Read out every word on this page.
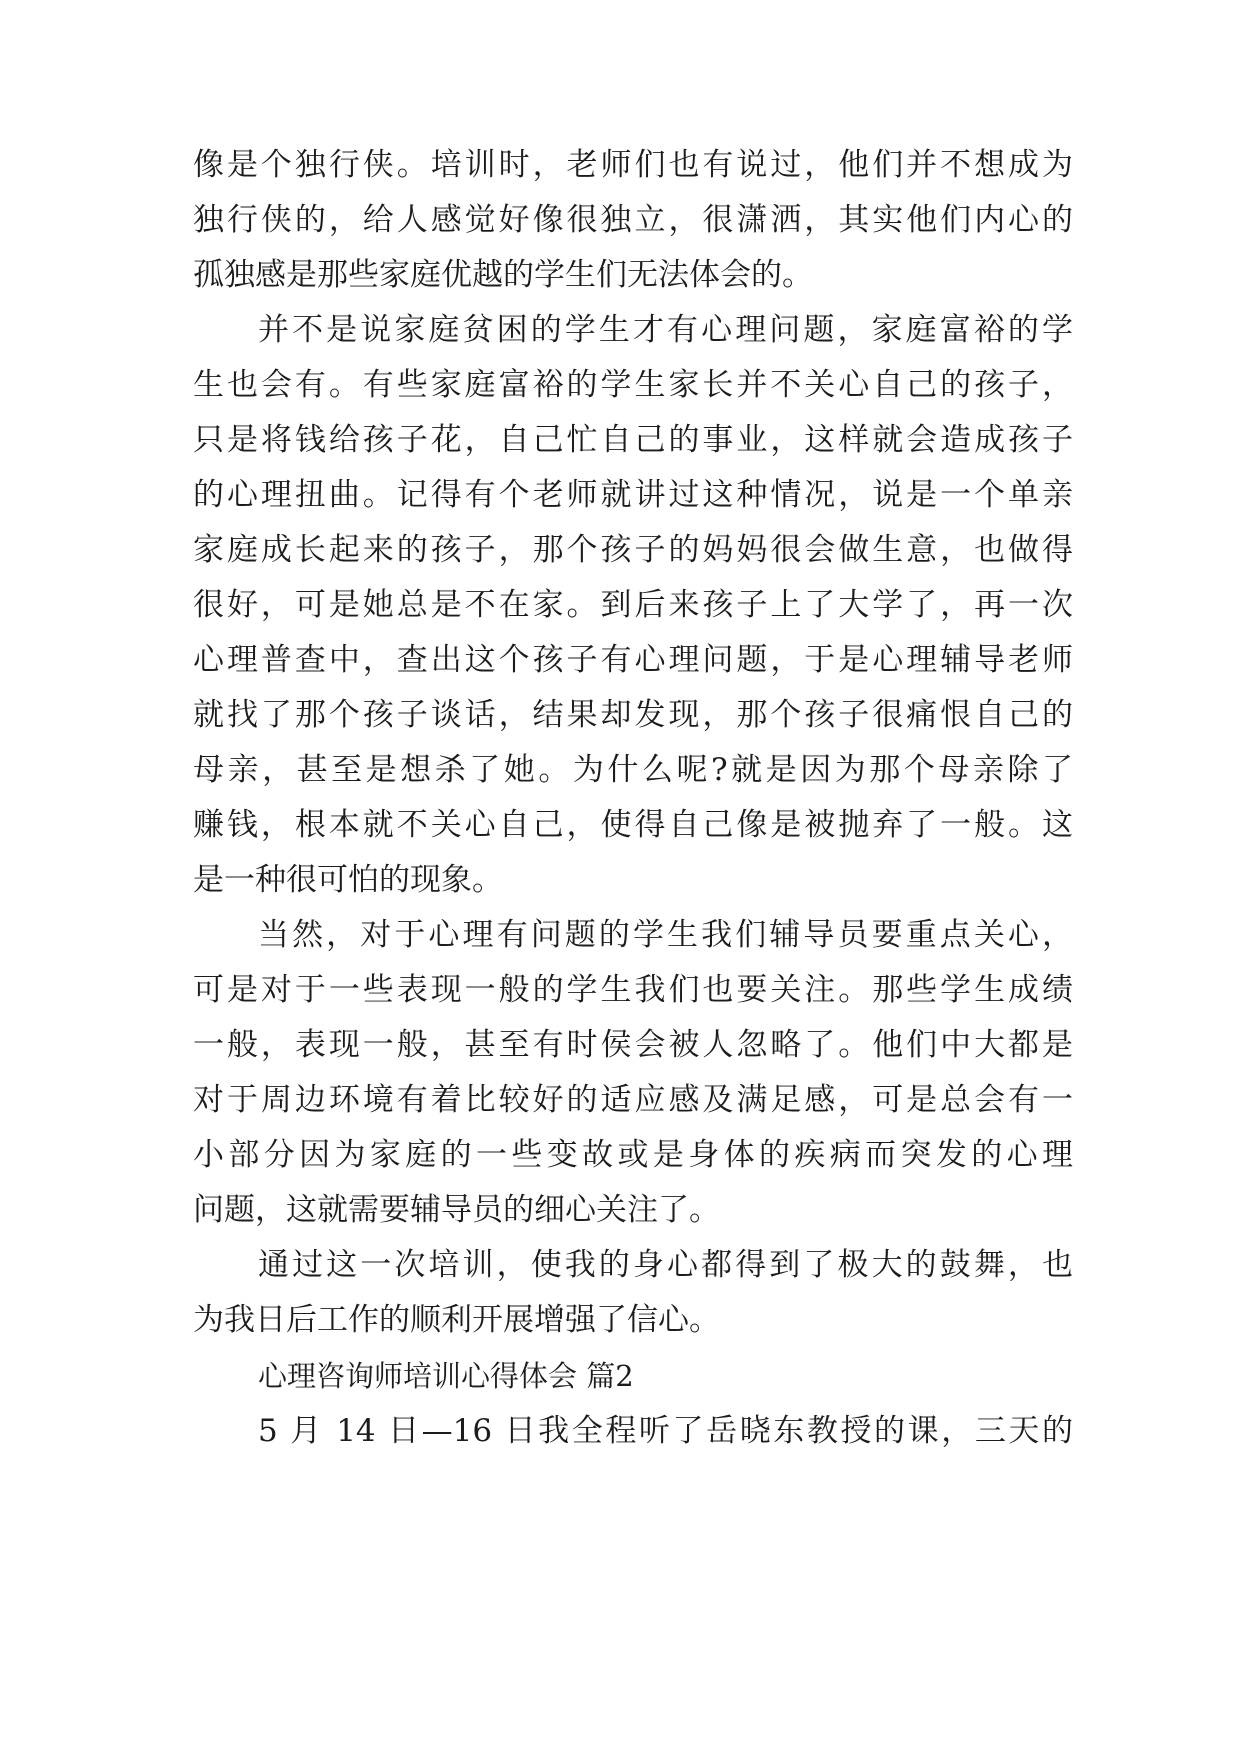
像是个独行侠。培训时，老师们也有说过，他们并不想成为
独行侠的，给人感觉好像很独立，很潇洒，其实他们内心的
孤独感是那些家庭优越的学生们无法体会的。
并不是说家庭贫困的学生才有心理问题，家庭富裕的学
生也会有。有些家庭富裕的学生家长并不关心自己的孩子，
只是将钱给孩子花，自己忙自己的事业，这样就会造成孩子
的心理扭曲。记得有个老师就讲过这种情况，说是一个单亲
家庭成长起来的孩子，那个孩子的妈妈很会做生意，也做得
很好，可是她总是不在家。到后来孩子上了大学了，再一次
心理普查中，查出这个孩子有心理问题，于是心理辅导老师
就找了那个孩子谈话，结果却发现，那个孩子很痛恨自己的
母亲，甚至是想杀了她。为什么呢?就是因为那个母亲除了
赚钱，根本就不关心自己，使得自己像是被抛弃了一般。这
是一种很可怕的现象。
当然，对于心理有问题的学生我们辅导员要重点关心，
可是对于一些表现一般的学生我们也要关注。那些学生成绩
一般，表现一般，甚至有时侯会被人忽略了。他们中大都是
对于周边环境有着比较好的适应感及满足感，可是总会有一
小部分因为家庭的一些变故或是身体的疾病而突发的心理
问题，这就需要辅导员的细心关注了。
通过这一次培训，使我的身心都得到了极大的鼓舞，也
为我日后工作的顺利开展增强了信心。
心理咨询师培训心得体会 篇2
5 月 14 日—16 日我全程听了岳晓东教授的课，三天的
